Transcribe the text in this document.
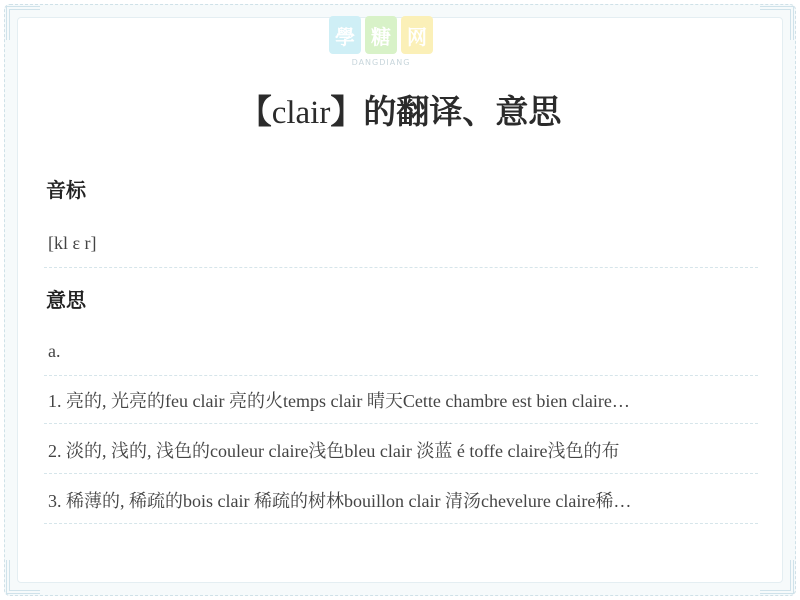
學 糖 网
DANGDIANG
【clair】的翻译、意思
音标
[kl ɛ r]
意思
a.
1. 亮的, 光亮的feu clair 亮的火temps clair 晴天Cette chambre est bien claire…
2. 淡的, 浅的, 浅色的couleur claire浅色bleu clair 淡蓝 é toffe claire浅色的布
3. 稀薄的, 稀疏的bois clair 稀疏的树林bouillon clair 清汤chevelure claire稀…
